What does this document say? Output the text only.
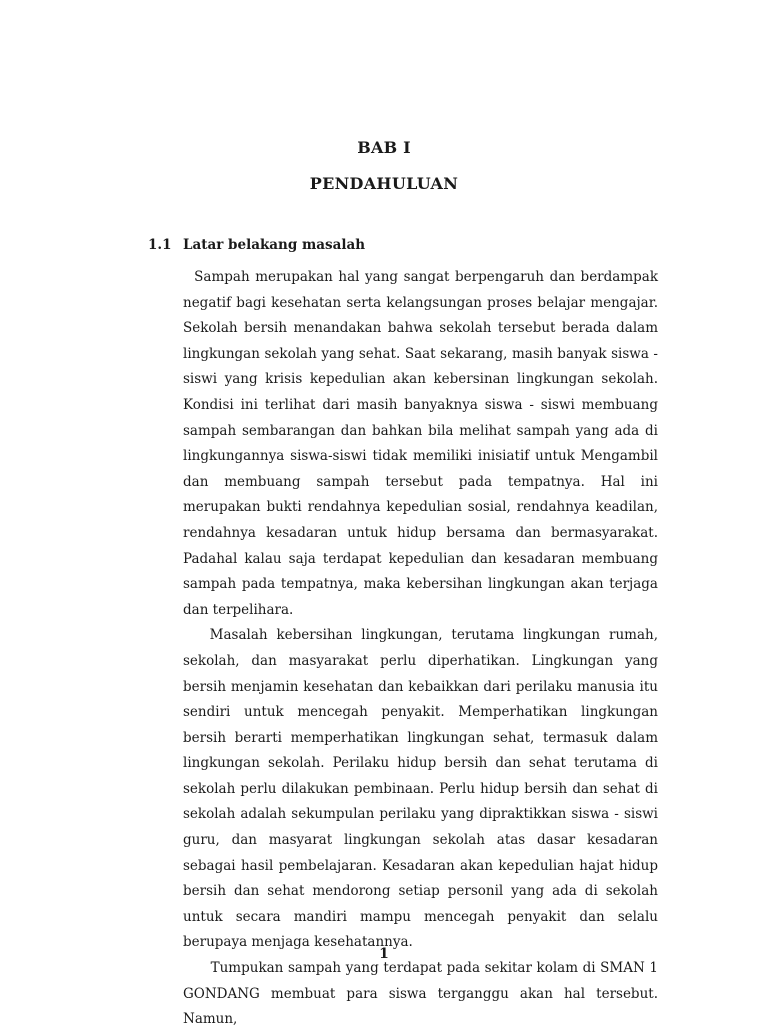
BAB I
PENDAHULUAN
1.1 Latar belakang masalah

Sampah merupakan hal yang sangat berpengaruh dan berdampak negatif bagi kesehatan serta kelangsungan proses belajar mengajar. Sekolah bersih menandakan bahwa sekolah tersebut berada dalam lingkungan sekolah yang sehat. Saat sekarang, masih banyak siswa - siswi yang krisis kepedulian akan kebersinan lingkungan sekolah. Kondisi ini terlihat dari masih banyaknya siswa - siswi membuang sampah sembarangan dan bahkan bila melihat sampah yang ada di lingkungannya siswa-siswi tidak memiliki inisiatif untuk Mengambil dan membuang sampah tersebut pada tempatnya. Hal ini merupakan bukti rendahnya kepedulian sosial, rendahnya keadilan, rendahnya kesadaran untuk hidup bersama dan bermasyarakat. Padahal kalau saja terdapat kepedulian dan kesadaran membuang sampah pada tempatnya, maka kebersihan lingkungan akan terjaga dan terpelihara.

Masalah kebersihan lingkungan, terutama lingkungan rumah, sekolah, dan masyarakat perlu diperhatikan. Lingkungan yang bersih menjamin kesehatan dan kebaikkan dari perilaku manusia itu sendiri untuk mencegah penyakit. Memperhatikan lingkungan bersih berarti memperhatikan lingkungan sehat, termasuk dalam lingkungan sekolah. Perilaku hidup bersih dan sehat terutama di sekolah perlu dilakukan pembinaan. Perlu hidup bersih dan sehat di sekolah adalah sekumpulan perilaku yang dipraktikkan siswa - siswi guru, dan masyarat lingkungan sekolah atas dasar kesadaran sebagai hasil pembelajaran. Kesadaran akan kepedulian hajat hidup bersih dan sehat mendorong setiap personil yang ada di sekolah untuk secara mandiri mampu mencegah penyakit dan selalu berupaya menjaga kesehatannya.

Tumpukan sampah yang terdapat pada sekitar kolam di SMAN 1 GONDANG membuat para siswa terganggu akan hal tersebut. Namun,

1
